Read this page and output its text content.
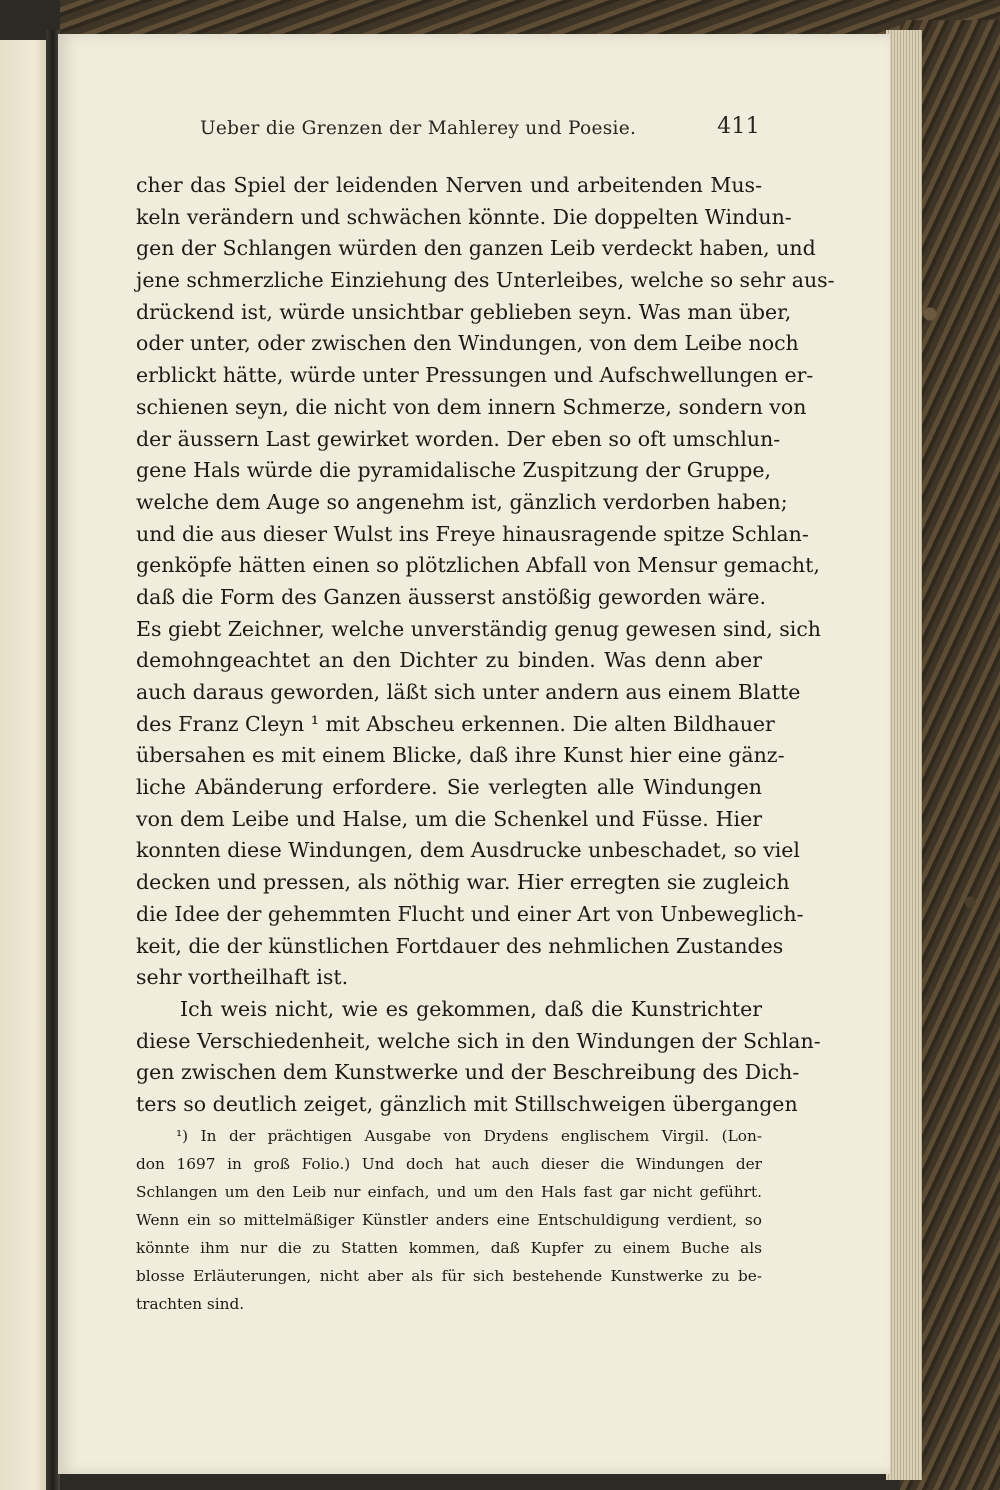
Ueber die Grenzen der Mahlerey und Poesie.	411
cher das Spiel der leidenden Nerven und arbeitenden Mus-
keln verändern und schwächen könnte. Die doppelten Windun-
gen der Schlangen würden den ganzen Leib verdeckt haben, und
jene schmerzliche Einziehung des Unterleibes, welche so sehr aus-
drückend ist, würde unsichtbar geblieben seyn. Was man über,
oder unter, oder zwischen den Windungen, von dem Leibe noch
erblickt hätte, würde unter Pressungen und Aufschwellungen er-
schienen seyn, die nicht von dem innern Schmerze, sondern von
der äussern Last gewirket worden. Der eben so oft umschlun-
gene Hals würde die pyramidalische Zuspitzung der Gruppe,
welche dem Auge so angenehm ist, gänzlich verdorben haben;
und die aus dieser Wulst ins Freye hinausragende spitze Schlan-
genköpfe hätten einen so plötzlichen Abfall von Mensur gemacht,
daß die Form des Ganzen äusserst anstößig geworden wäre.
Es giebt Zeichner, welche unverständig genug gewesen sind, sich
demohngeachtet an den Dichter zu binden. Was denn aber
auch daraus geworden, läßt sich unter andern aus einem Blatte
des Franz Cleyn ¹ mit Abscheu erkennen. Die alten Bildhauer
übersahen es mit einem Blicke, daß ihre Kunst hier eine gänz-
liche Abänderung erfordere. Sie verlegten alle Windungen
von dem Leibe und Halse, um die Schenkel und Füsse. Hier
konnten diese Windungen, dem Ausdrucke unbeschadet, so viel
decken und pressen, als nöthig war. Hier erregten sie zugleich
die Idee der gehemmten Flucht und einer Art von Unbeweglich-
keit, die der künstlichen Fortdauer des nehmlichen Zustandes
sehr vortheilhaft ist.
Ich weis nicht, wie es gekommen, daß die Kunstrichter
diese Verschiedenheit, welche sich in den Windungen der Schlan-
gen zwischen dem Kunstwerke und der Beschreibung des Dich-
ters so deutlich zeiget, gänzlich mit Stillschweigen übergangen
¹) In der prächtigen Ausgabe von Drydens englischem Virgil. (Lon-
don 1697 in groß Folio.) Und doch hat auch dieser die Windungen der
Schlangen um den Leib nur einfach, und um den Hals fast gar nicht geführt.
Wenn ein so mittelmäßiger Künstler anders eine Entschuldigung verdient, so
könnte ihm nur die zu Statten kommen, daß Kupfer zu einem Buche als
blosse Erläuterungen, nicht aber als für sich bestehende Kunstwerke zu be-
trachten sind.
